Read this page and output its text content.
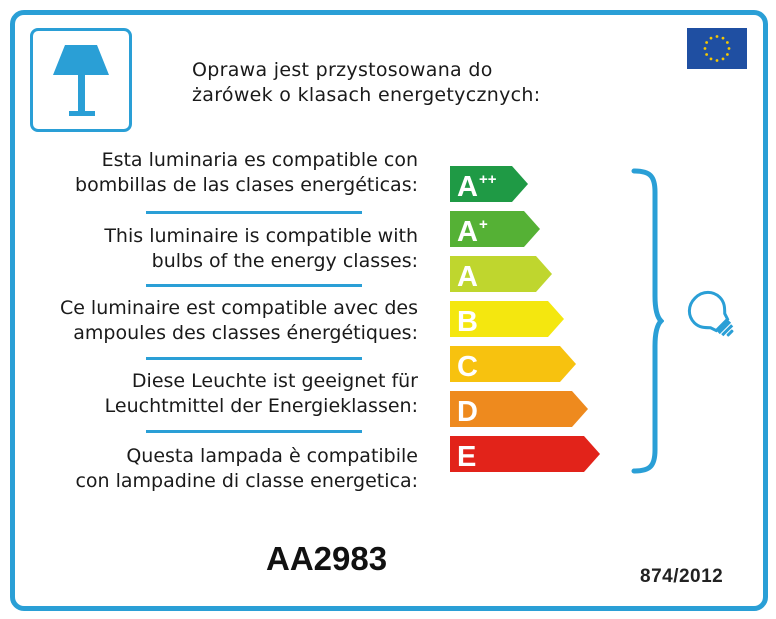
Oprawa jest przystosowana do
żarówek o klasach energetycznych:
Esta luminaria es compatible con
bombillas de las clases energéticas:
This luminaire is compatible with
bulbs of the energy classes:
Ce luminaire est compatible avec des
ampoules des classes énergétiques:
Diese Leuchte ist geeignet für
Leuchtmittel der Energieklassen:
Questa lampada è compatibile
con lampadine di classe energetica:
A++
A+
A
B
C
D
E
AA2983	874/2012
